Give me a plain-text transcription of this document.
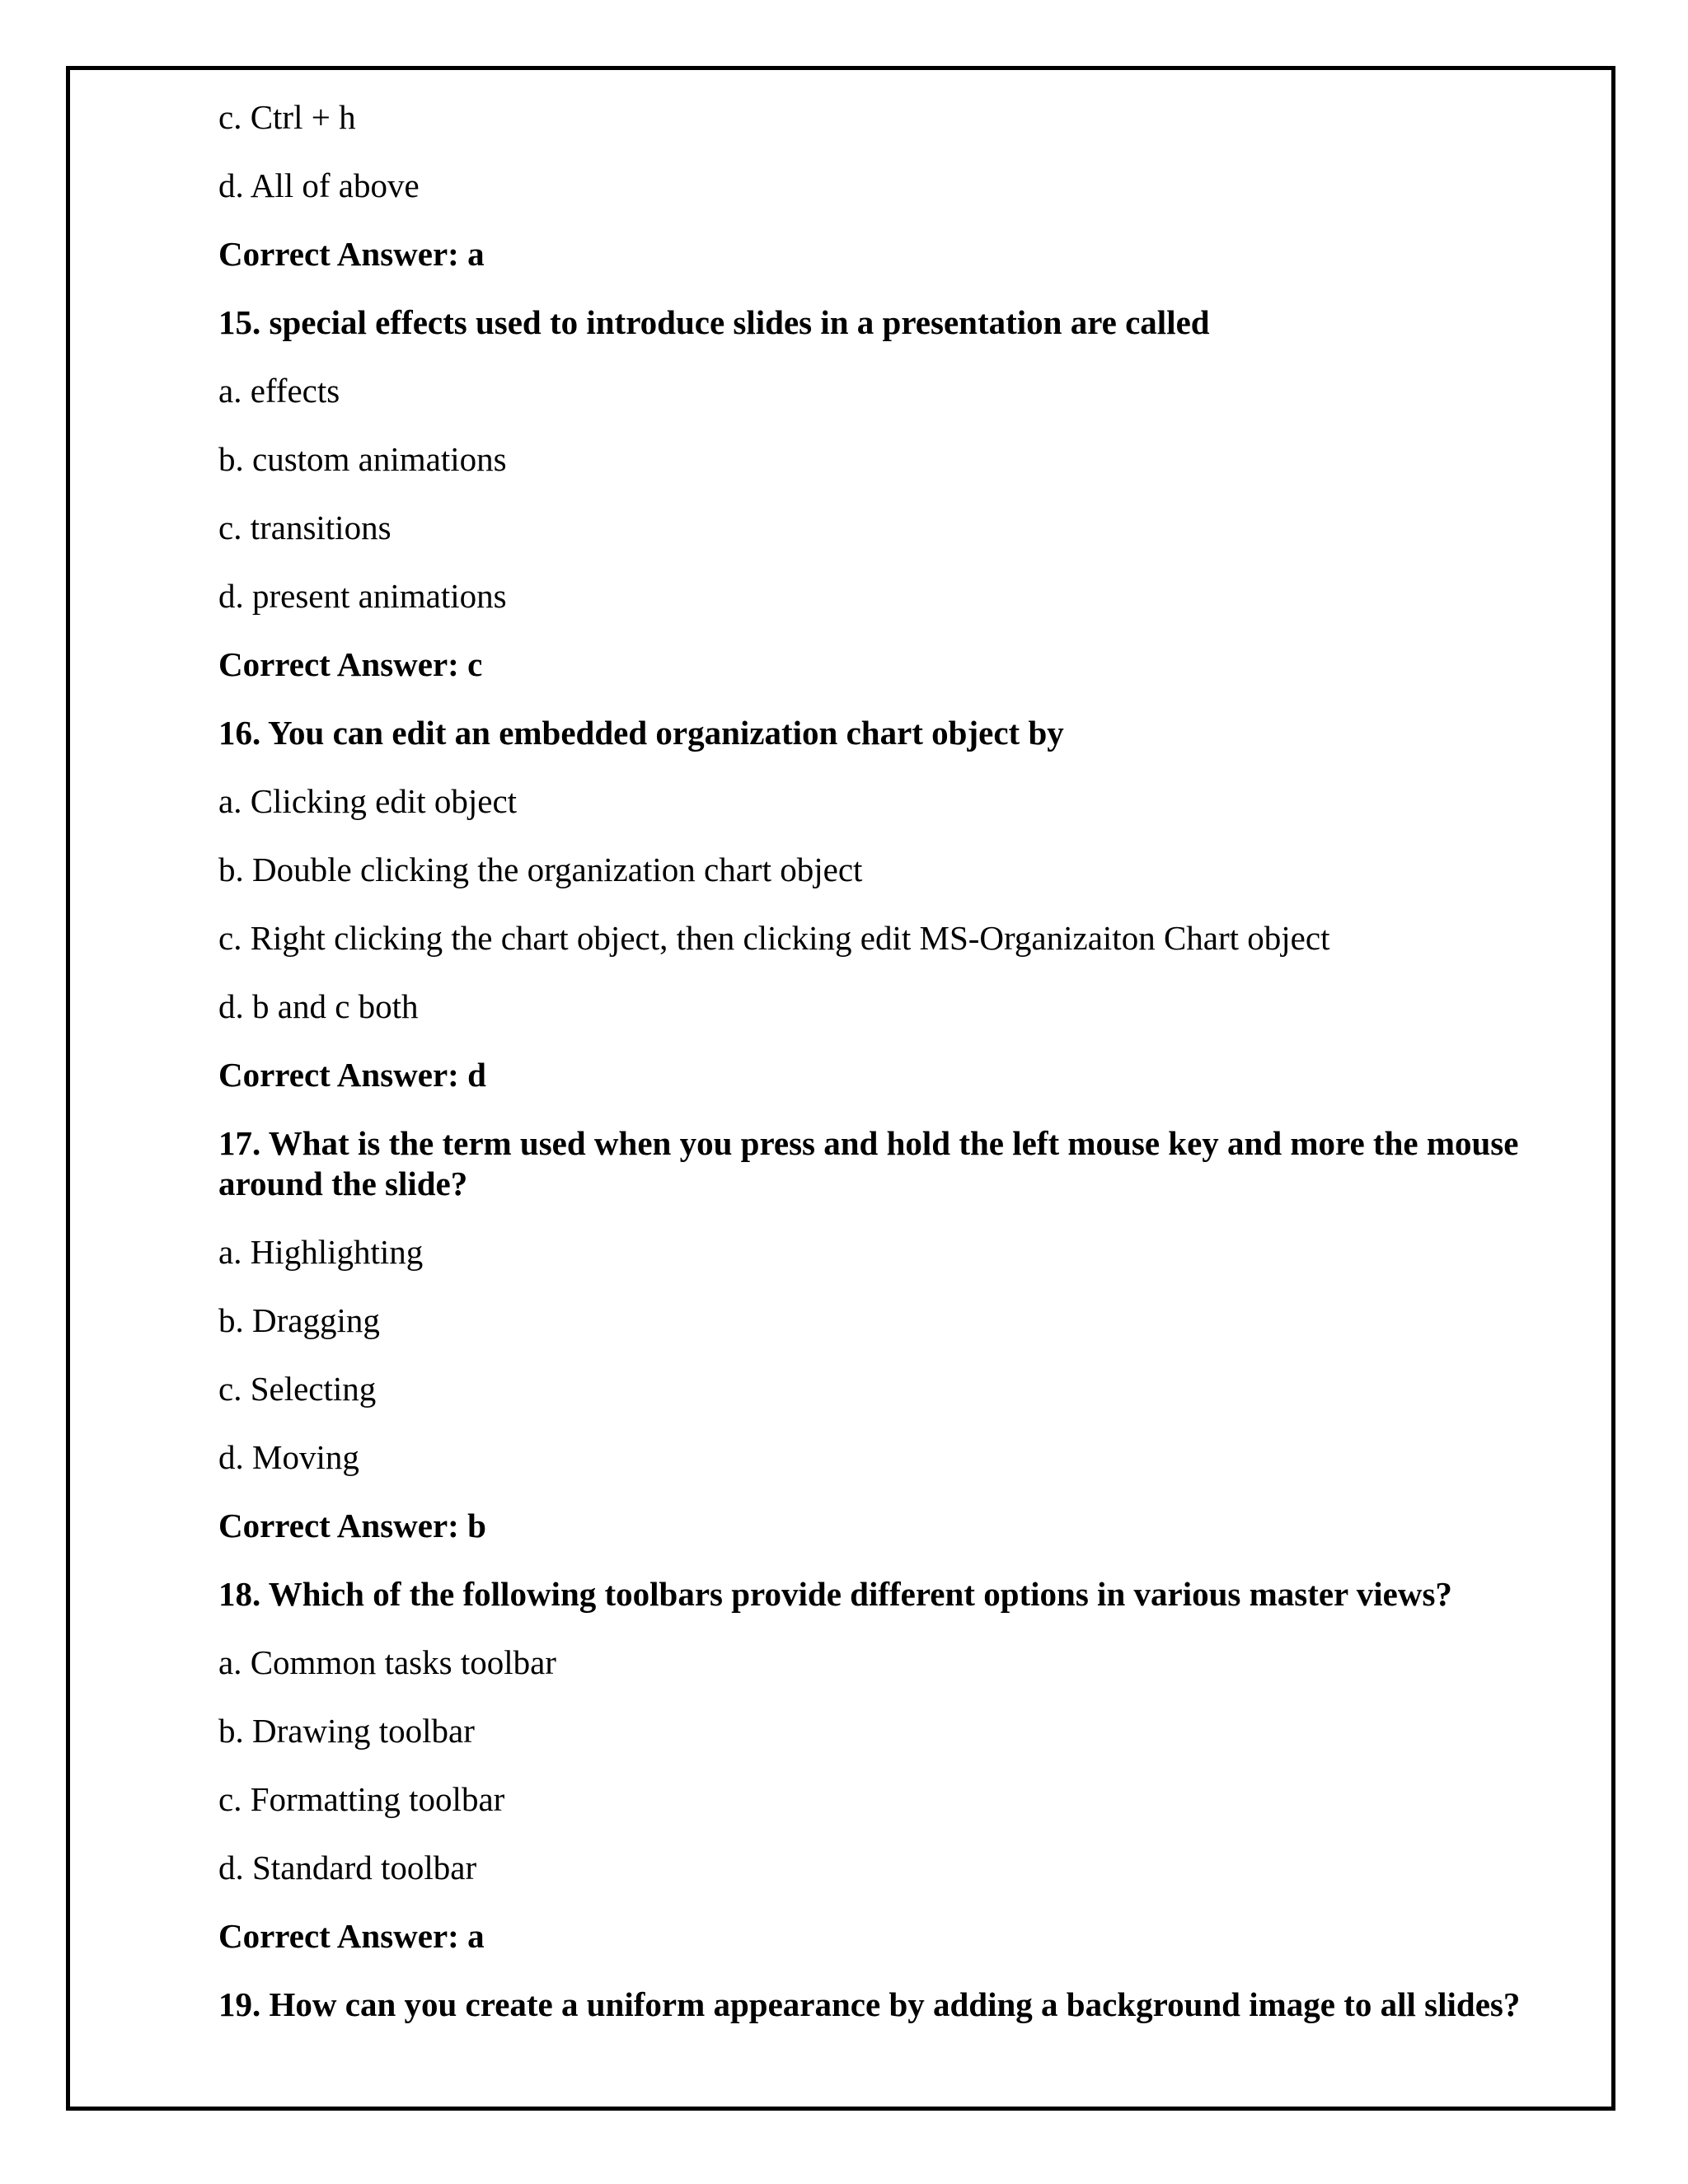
c. Ctrl + h
d. All of above
Correct Answer: a
15. special effects used to introduce slides in a presentation are called
a. effects
b. custom animations
c. transitions
d. present animations
Correct Answer: c
16. You can edit an embedded organization chart object by
a. Clicking edit object
b. Double clicking the organization chart object
c. Right clicking the chart object, then clicking edit MS-Organizaiton Chart object
d. b and c both
Correct Answer: d
17. What is the term used when you press and hold the left mouse key and more the mouse around the slide?
a. Highlighting
b. Dragging
c. Selecting
d. Moving
Correct Answer: b
18. Which of the following toolbars provide different options in various master views?
a. Common tasks toolbar
b. Drawing toolbar
c. Formatting toolbar
d. Standard toolbar
Correct Answer: a
19. How can you create a uniform appearance by adding a background image to all slides?
